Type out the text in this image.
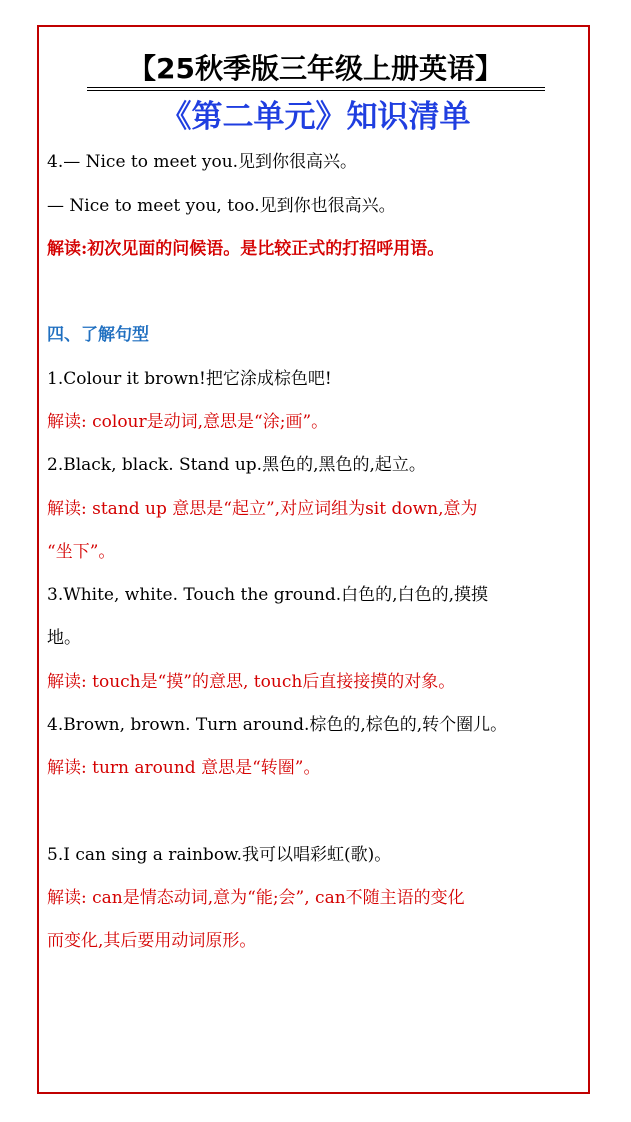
【25秋季版三年级上册英语】
《第二单元》知识清单
4.— Nice to meet you.见到你很高兴。
— Nice to meet you, too.见到你也很高兴。
解读:初次见面的问候语。是比较正式的打招呼用语。
四、了解句型
1.Colour it brown!把它涂成棕色吧!
解读: colour是动词,意思是“涂;画”。
2.Black, black. Stand up.黑色的,黑色的,起立。
解读: stand up 意思是“起立”,对应词组为sit down,意为
“坐下”。
3.White, white. Touch the ground.白色的,白色的,摸摸
地。
解读: touch是“摸”的意思, touch后直接接摸的对象。
4.Brown, brown. Turn around.棕色的,棕色的,转个圈儿。
解读: turn around 意思是“转圈”。
5.I can sing a rainbow.我可以唱彩虹(歌)。
解读: can是情态动词,意为“能;会”, can不随主语的变化
而变化,其后要用动词原形。
